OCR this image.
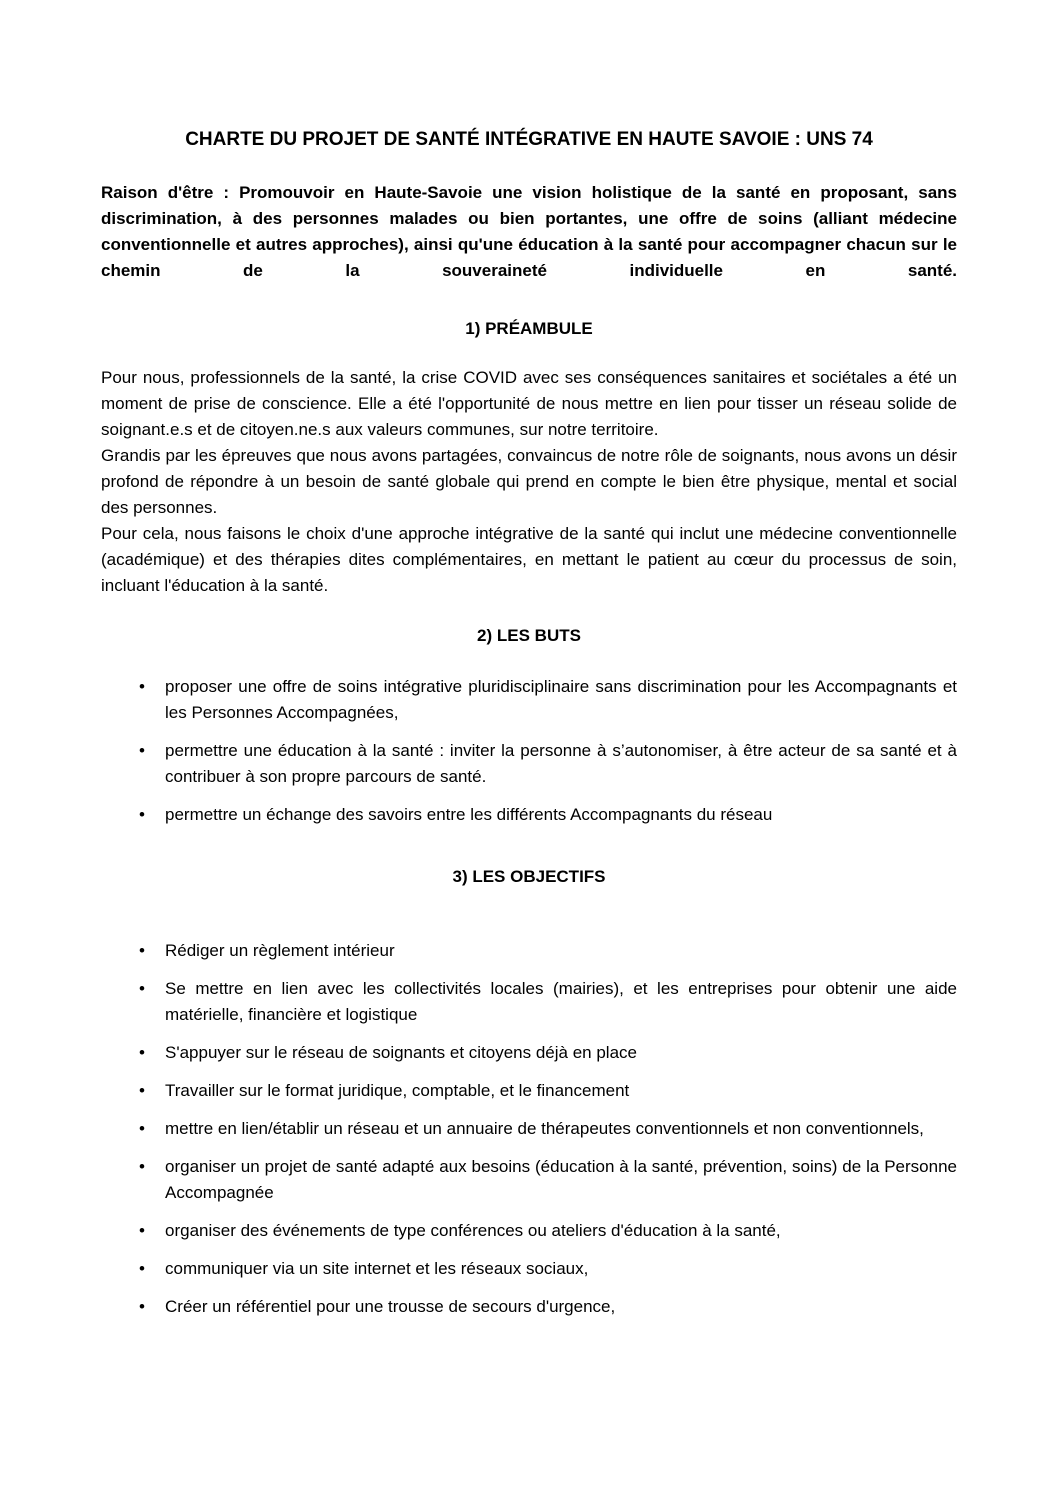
CHARTE DU PROJET DE SANTÉ INTÉGRATIVE EN HAUTE SAVOIE : UNS 74

Raison d'être : Promouvoir en Haute-Savoie une vision holistique de la santé en proposant, sans discrimination, à des personnes malades ou bien portantes, une offre de soins (alliant médecine conventionnelle et autres approches), ainsi qu'une éducation à la santé pour accompagner chacun sur le chemin de la souveraineté individuelle en santé.

1) PRÉAMBULE

Pour nous, professionnels de la santé, la crise COVID avec ses conséquences sanitaires et sociétales a été un moment de prise de conscience. Elle a été l'opportunité de nous mettre en lien pour tisser un réseau solide de soignant.e.s et de citoyen.ne.s aux valeurs communes, sur notre territoire.

Grandis par les épreuves que nous avons partagées, convaincus de notre rôle de soignants, nous avons un désir profond de répondre à un besoin de santé globale qui prend en compte le bien être physique, mental et social des personnes.

Pour cela, nous faisons le choix d'une approche intégrative de la santé qui inclut une médecine conventionnelle (académique) et des thérapies dites complémentaires, en mettant le patient au cœur du processus de soin, incluant l'éducation à la santé.

2) LES BUTS
• proposer une offre de soins intégrative pluridisciplinaire sans discrimination pour les Accompagnants et les Personnes Accompagnées,
• permettre une éducation à la santé : inviter la personne à s’autonomiser, à être acteur de sa santé et à contribuer à son propre parcours de santé.
• permettre un échange des savoirs entre les différents Accompagnants du réseau
3) LES OBJECTIFS
• Rédiger un règlement intérieur
• Se mettre en lien avec les collectivités locales (mairies), et les entreprises pour obtenir une aide matérielle, financière et logistique
• S'appuyer sur le réseau de soignants et citoyens déjà en place
• Travailler sur le format juridique, comptable, et le financement
• mettre en lien/établir un réseau et un annuaire de thérapeutes conventionnels et non conventionnels,
• organiser un projet de santé adapté aux besoins (éducation à la santé, prévention, soins) de la Personne Accompagnée
• organiser des événements de type conférences ou ateliers d'éducation à la santé,
• communiquer via un site internet et les réseaux sociaux,
• Créer un référentiel pour une trousse de secours d'urgence,
